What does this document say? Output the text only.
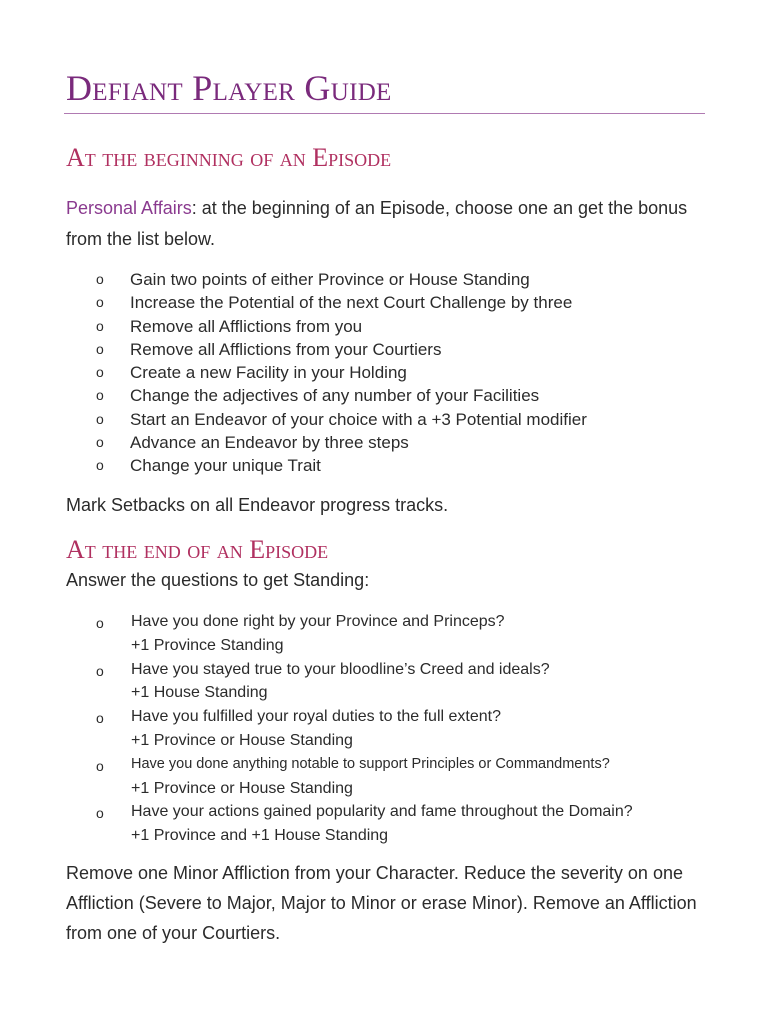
Defiant Player Guide
At the beginning of an Episode
Personal Affairs: at the beginning of an Episode, choose one an get the bonus from the list below.
o Gain two points of either Province or House Standing
o Increase the Potential of the next Court Challenge by three
o Remove all Afflictions from you
o Remove all Afflictions from your Courtiers
o Create a new Facility in your Holding
o Change the adjectives of any number of your Facilities
o Start an Endeavor of your choice with a +3 Potential modifier
o Advance an Endeavor by three steps
o Change your unique Trait
Mark Setbacks on all Endeavor progress tracks.
At the end of an Episode
Answer the questions to get Standing:
o Have you done right by your Province and Princeps?
+1 Province Standing
o Have you stayed true to your bloodline’s Creed and ideals?
+1 House Standing
o Have you fulfilled your royal duties to the full extent?
+1 Province or House Standing
o Have you done anything notable to support Principles or Commandments?
+1 Province or House Standing
o Have your actions gained popularity and fame throughout the Domain?
+1 Province and +1 House Standing
Remove one Minor Affliction from your Character. Reduce the severity on one Affliction (Severe to Major, Major to Minor or erase Minor). Remove an Affliction from one of your Courtiers.
